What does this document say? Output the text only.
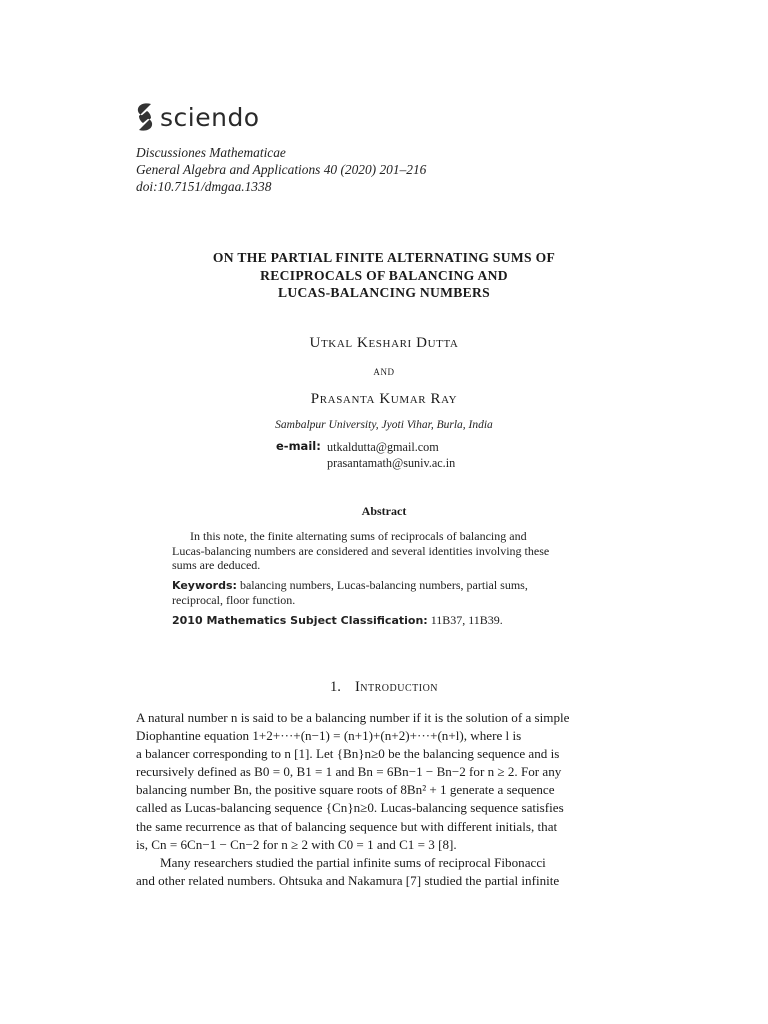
sciendo
Discussiones Mathematicae
General Algebra and Applications 40 (2020) 201–216
doi:10.7151/dmgaa.1338
ON THE PARTIAL FINITE ALTERNATING SUMS OF
RECIPROCALS OF BALANCING AND
LUCAS-BALANCING NUMBERS
Utkal Keshari Dutta
and
Prasanta Kumar Ray
Sambalpur University, Jyoti Vihar, Burla, India
e-mail: utkaldutta@gmail.com
prasantamath@suniv.ac.in
Abstract

In this note, the finite alternating sums of reciprocals of balancing and
Lucas-balancing numbers are considered and several identities involving these
sums are deduced.

Keywords: balancing numbers, Lucas-balancing numbers, partial sums,
reciprocal, floor function.

2010 Mathematics Subject Classification: 11B37, 11B39.

1. Introduction
A natural number n is said to be a balancing number if it is the solution of a simple
Diophantine equation 1+2+···+(n−1) = (n+1)+(n+2)+···+(n+l), where l is
a balancer corresponding to n [1]. Let {Bn}n≥0 be the balancing sequence and is
recursively defined as B0 = 0, B1 = 1 and Bn = 6Bn−1 − Bn−2 for n ≥ 2. For any
balancing number Bn, the positive square roots of 8Bn² + 1 generate a sequence
called as Lucas-balancing sequence {Cn}n≥0. Lucas-balancing sequence satisfies
the same recurrence as that of balancing sequence but with different initials, that
is, Cn = 6Cn−1 − Cn−2 for n ≥ 2 with C0 = 1 and C1 = 3 [8].
Many researchers studied the partial infinite sums of reciprocal Fibonacci
and other related numbers. Ohtsuka and Nakamura [7] studied the partial infinite
